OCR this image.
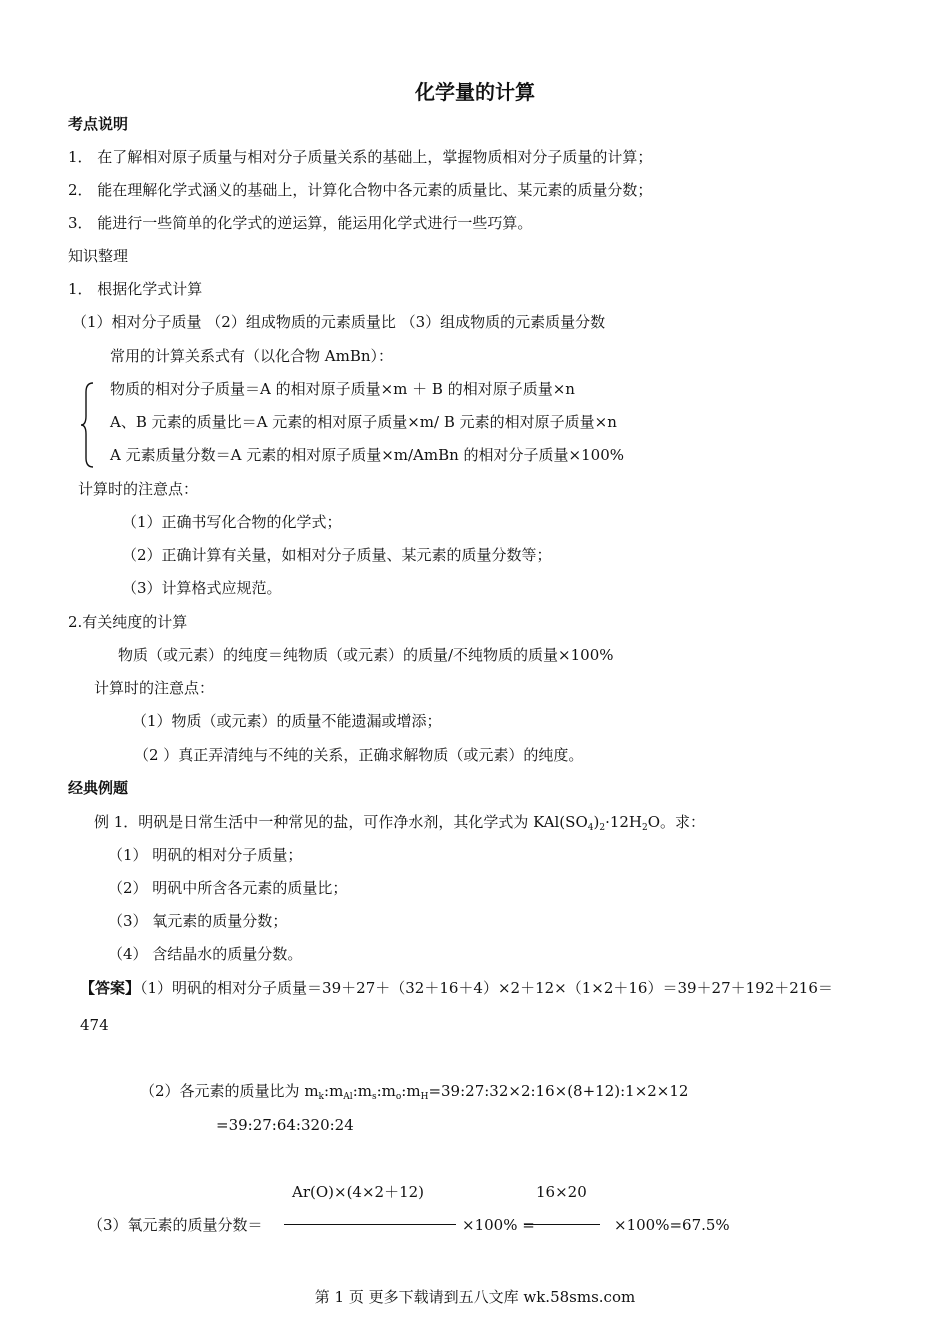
化学量的计算
考点说明
1． 在了解相对原子质量与相对分子质量关系的基础上，掌握物质相对分子质量的计算；
2． 能在理解化学式涵义的基础上，计算化合物中各元素的质量比、某元素的质量分数；
3． 能进行一些简单的化学式的逆运算，能运用化学式进行一些巧算。
知识整理
1． 根据化学式计算
（1）相对分子质量 （2）组成物质的元素质量比 （3）组成物质的元素质量分数
常用的计算关系式有（以化合物 AmBn）：
物质的相对分子质量＝A 的相对原子质量×m ＋ B 的相对原子质量×n
A、B 元素的质量比＝A 元素的相对原子质量×m/ B 元素的相对原子质量×n
A 元素质量分数＝A 元素的相对原子质量×m/AmBn 的相对分子质量×100%
计算时的注意点：
（1）正确书写化合物的化学式；
（2）正确计算有关量，如相对分子质量、某元素的质量分数等；
（3）计算格式应规范。
2.有关纯度的计算
物质（或元素）的纯度＝纯物质（或元素）的质量/不纯物质的质量×100%
计算时的注意点：
（1）物质（或元素）的质量不能遗漏或增添；
（2 ）真正弄清纯与不纯的关系，正确求解物质（或元素）的纯度。
经典例题
例 1．明矾是日常生活中一种常见的盐，可作净水剂，其化学式为 $KAl(SO_4)_2\cdot 12H_2O$。求：
（1） 明矾的相对分子质量；
（2） 明矾中所含各元素的质量比；
（3） 氧元素的质量分数；
（4） 含结晶水的质量分数。
【答案】（1）明矾的相对分子质量＝39＋27＋（32＋16＋4）×2＋12×（1×2＋16）＝39＋27＋192＋216＝
474
（2）各元素的质量比为 $m_k:m_{Al}:m_s:m_o:m_H=39:27:32\times 2:16\times(8+12):1\times 2\times 12$
=39:27:64:320:24
Ar(O)×(4×2＋12)	16×20
（3）氧元素的质量分数＝	×100% =	×100%=67.5%
第 1 页 更多下载请到五八文库 wk.58sms.com
